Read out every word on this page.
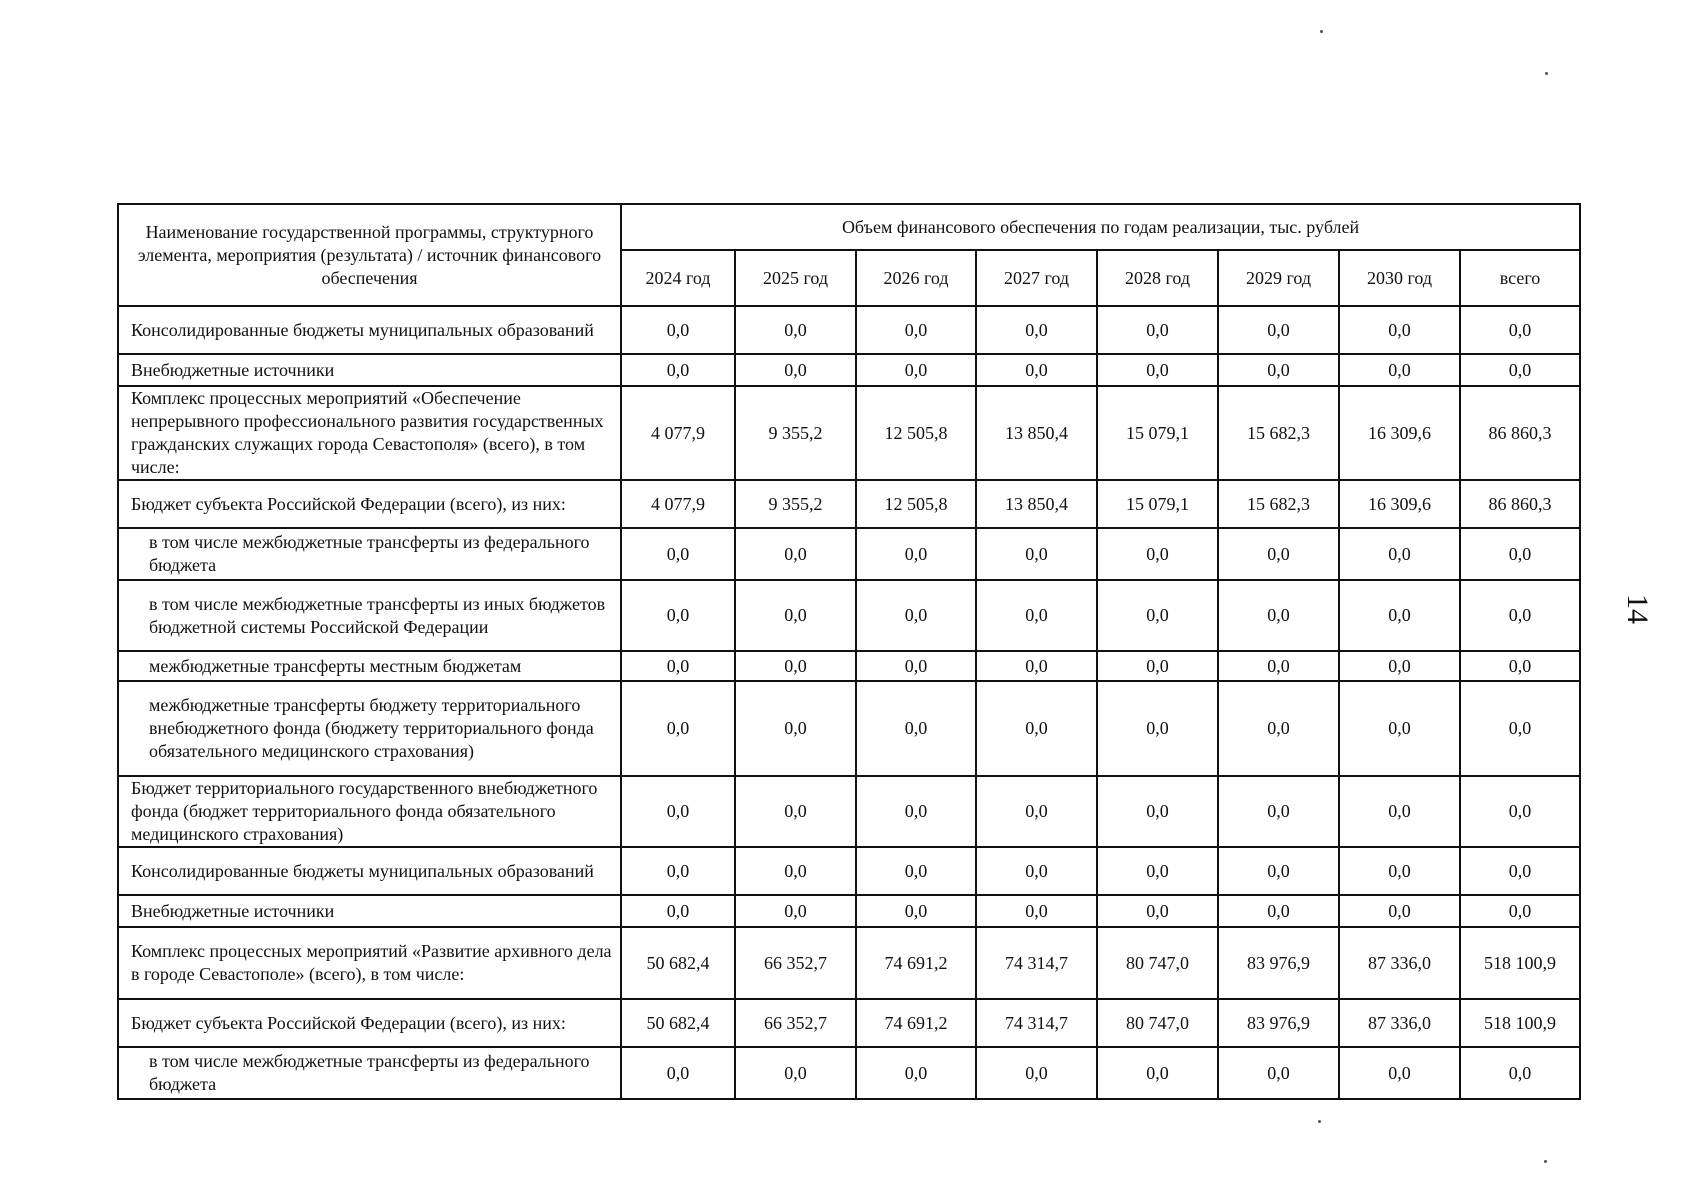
14
Наименование государственной программы, структурного элемента, мероприятия (результата) / источник финансового обеспечения	Объем финансового обеспечения по годам реализации, тыс. рублей							
	2024 год	2025 год	2026 год	2027 год	2028 год	2029 год	2030 год	всего
Консолидированные бюджеты муниципальных образований	0,0	0,0	0,0	0,0	0,0	0,0	0,0	0,0
Внебюджетные источники	0,0	0,0	0,0	0,0	0,0	0,0	0,0	0,0
Комплекс процессных мероприятий «Обеспечение непрерывного профессионального развития государственных гражданских служащих города Севастополя» (всего), в том числе:	4 077,9	9 355,2	12 505,8	13 850,4	15 079,1	15 682,3	16 309,6	86 860,3
Бюджет субъекта Российской Федерации (всего), из них:	4 077,9	9 355,2	12 505,8	13 850,4	15 079,1	15 682,3	16 309,6	86 860,3
в том числе межбюджетные трансферты из федерального бюджета	0,0	0,0	0,0	0,0	0,0	0,0	0,0	0,0
в том числе межбюджетные трансферты из иных бюджетов бюджетной системы Российской Федерации	0,0	0,0	0,0	0,0	0,0	0,0	0,0	0,0
межбюджетные трансферты местным бюджетам	0,0	0,0	0,0	0,0	0,0	0,0	0,0	0,0
межбюджетные трансферты бюджету территориального внебюджетного фонда (бюджету территориального фонда обязательного медицинского страхования)	0,0	0,0	0,0	0,0	0,0	0,0	0,0	0,0
Бюджет территориального государственного внебюджетного фонда (бюджет территориального фонда обязательного медицинского страхования)	0,0	0,0	0,0	0,0	0,0	0,0	0,0	0,0
Консолидированные бюджеты муниципальных образований	0,0	0,0	0,0	0,0	0,0	0,0	0,0	0,0
Внебюджетные источники	0,0	0,0	0,0	0,0	0,0	0,0	0,0	0,0
Комплекс процессных мероприятий «Развитие архивного дела в городе Севастополе» (всего), в том числе:	50 682,4	66 352,7	74 691,2	74 314,7	80 747,0	83 976,9	87 336,0	518 100,9
Бюджет субъекта Российской Федерации (всего), из них:	50 682,4	66 352,7	74 691,2	74 314,7	80 747,0	83 976,9	87 336,0	518 100,9
в том числе межбюджетные трансферты из федерального бюджета	0,0	0,0	0,0	0,0	0,0	0,0	0,0	0,0
